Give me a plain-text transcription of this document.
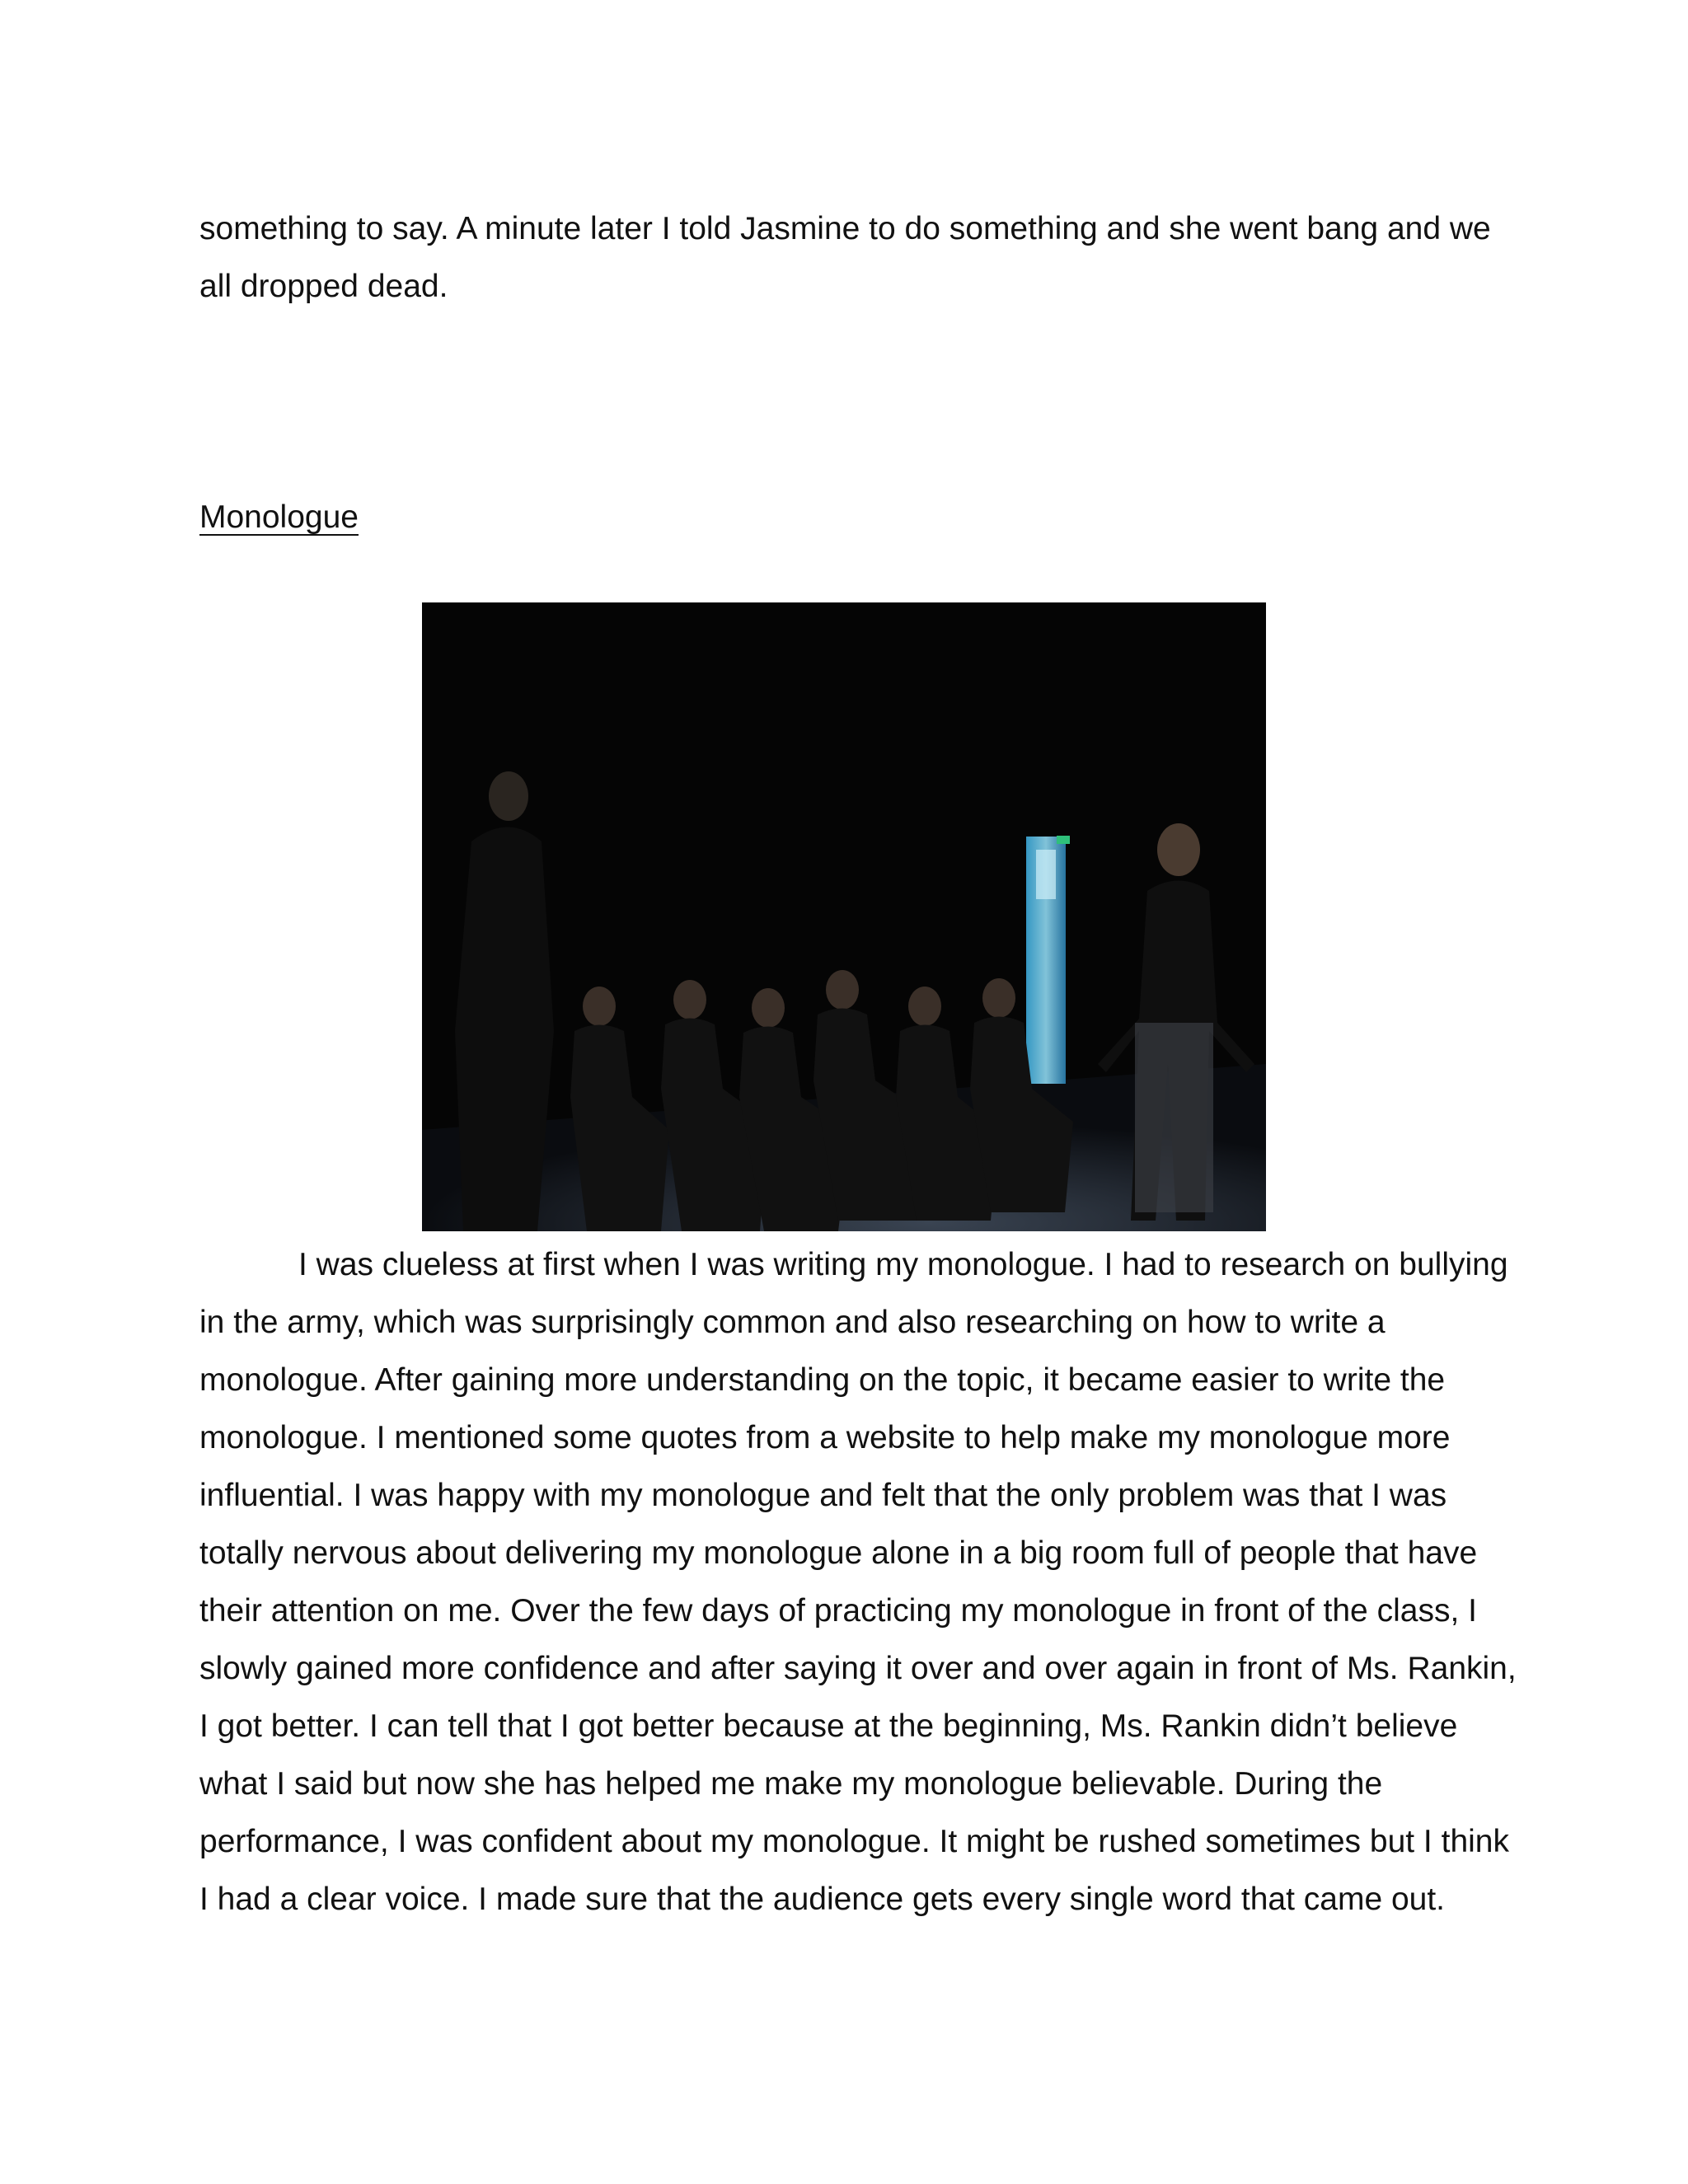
something to say. A minute later I told Jasmine to do something and she went bang and we all dropped dead.

Monologue

I was clueless at first when I was writing my monologue. I had to research on bullying in the army, which was surprisingly common and also researching on how to write a monologue. After gaining more understanding on the topic, it became easier to write the monologue. I mentioned some quotes from a website to help make my monologue more influential. I was happy with my monologue and felt that the only problem was that I was totally nervous about delivering my monologue alone in a big room full of people that have their attention on me. Over the few days of practicing my monologue in front of the class, I slowly gained more confidence and after saying it over and over again in front of Ms. Rankin, I got better. I can tell that I got better because at the beginning, Ms. Rankin didn’t believe what I said but now she has helped me make my monologue believable. During the performance, I was confident about my monologue. It might be rushed sometimes but I think I had a clear voice. I made sure that the audience gets every single word that came out.
